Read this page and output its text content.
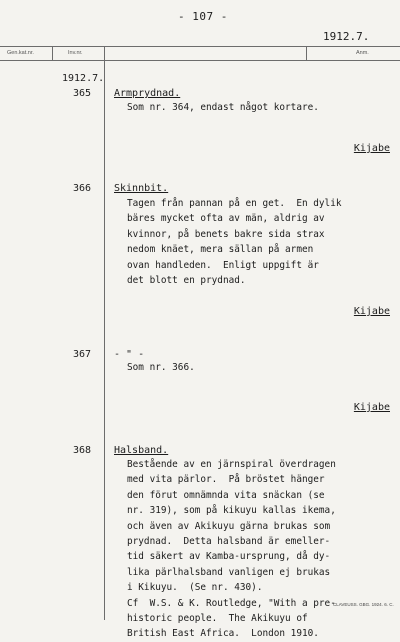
- 107 -
1912.7.
Gen.kat.nr.	Inv.nr.	Anm.
1912.7.
365 Armprydnad.
Som nr. 364, endast något kortare.
Kijabe
366 Skinnbit.
Tagen från pannan på en get.  En dylik
bäres mycket ofta av män, aldrig av
kvinnor, på benets bakre sida strax
nedom knäet, mera sällan på armen
ovan handleden.  Enligt uppgift är
det blott en prydnad.
Kijabe
367 - " -
Som nr. 366.
Kijabe
368 Halsband.
Bestående av en järnspiral överdragen
med vita pärlor.  På bröstet hänger
den förut omnämnda vita snäckan (se
nr. 319), som på kikuyu kallas ikema,
och även av Akikuyu gärna brukas som
prydnad.  Detta halsband är emeller-
tid säkert av Kamba-ursprung, då dy-
lika pärlhalsband vanligen ej brukas
i Kikuyu.  (Se nr. 430).
Cf  W.S. & K. Routledge, "With a pre-
historic people.  The Akikuyu of
British East Africa.  London 1910.
CLAVEUSS. GBG. 1924. 6. C.
